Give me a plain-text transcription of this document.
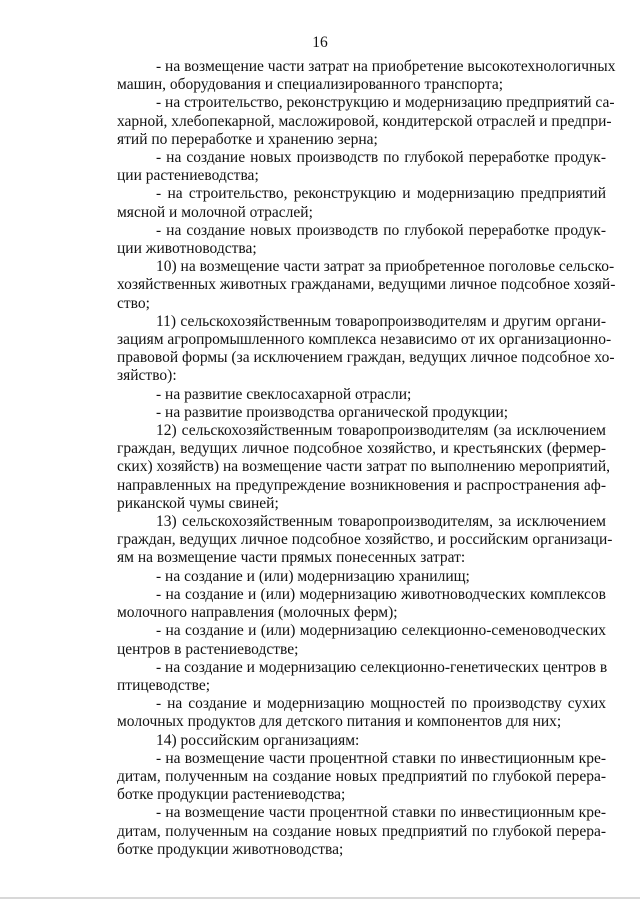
16
- на возмещение части затрат на приобретение высокотехнологичных
машин, оборудования и специализированного транспорта;
- на строительство, реконструкцию и модернизацию предприятий са-
харной, хлебопекарной, масложировой, кондитерской отраслей и предпри-
ятий по переработке и хранению зерна;
- на создание новых производств по глубокой переработке продук-
ции растениеводства;
- на строительство, реконструкцию и модернизацию предприятий
мясной и молочной отраслей;
- на создание новых производств по глубокой переработке продук-
ции животноводства;
10) на возмещение части затрат за приобретенное поголовье сельско-
хозяйственных животных гражданами, ведущими личное подсобное хозяй-
ство;
11) сельскохозяйственным товаропроизводителям и другим органи-
зациям агропромышленного комплекса независимо от их организационно-
правовой формы (за исключением граждан, ведущих личное подсобное хо-
зяйство):
- на развитие свеклосахарной отрасли;
- на развитие производства органической продукции;
12) сельскохозяйственным товаропроизводителям (за исключением
граждан, ведущих личное подсобное хозяйство, и крестьянских (фермер-
ских) хозяйств) на возмещение части затрат по выполнению мероприятий,
направленных на предупреждение возникновения и распространения аф-
риканской чумы свиней;
13) сельскохозяйственным товаропроизводителям, за исключением
граждан, ведущих личное подсобное хозяйство, и российским организаци-
ям на возмещение части прямых понесенных затрат:
- на создание и (или) модернизацию хранилищ;
- на создание и (или) модернизацию животноводческих комплексов
молочного направления (молочных ферм);
- на создание и (или) модернизацию селекционно-семеноводческих
центров в растениеводстве;
- на создание и модернизацию селекционно-генетических центров в
птицеводстве;
- на создание и модернизацию мощностей по производству сухих
молочных продуктов для детского питания и компонентов для них;
14) российским организациям:
- на возмещение части процентной ставки по инвестиционным кре-
дитам, полученным на создание новых предприятий по глубокой перера-
ботке продукции растениеводства;
- на возмещение части процентной ставки по инвестиционным кре-
дитам, полученным на создание новых предприятий по глубокой перера-
ботке продукции животноводства;
